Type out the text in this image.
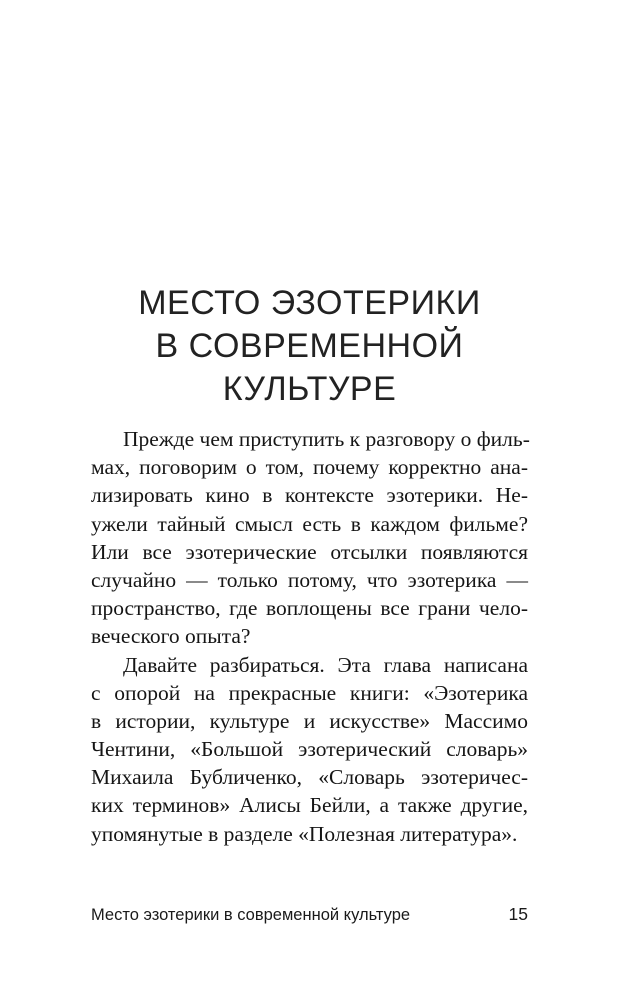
МЕСТО ЭЗОТЕРИКИ
В СОВРЕМЕННОЙ
КУЛЬТУРЕ
Прежде чем приступить к разговору о филь-
мах, поговорим о том, почему корректно ана-
лизировать кино в контексте эзотерики. Не-
ужели тайный смысл есть в каждом фильме?
Или все эзотерические отсылки появляются
случайно — только потому, что эзотерика —
пространство, где воплощены все грани чело-
веческого опыта?
Давайте разбираться. Эта глава написана
с опорой на прекрасные книги: «Эзотерика
в истории, культуре и искусстве» Массимо
Чентини, «Большой эзотерический словарь»
Михаила Бубличенко, «Словарь эзотеричес-
ких терминов» Алисы Бейли, а также другие,
упомянутые в разделе «Полезная литература».
Место эзотерики в современной культуре	15
